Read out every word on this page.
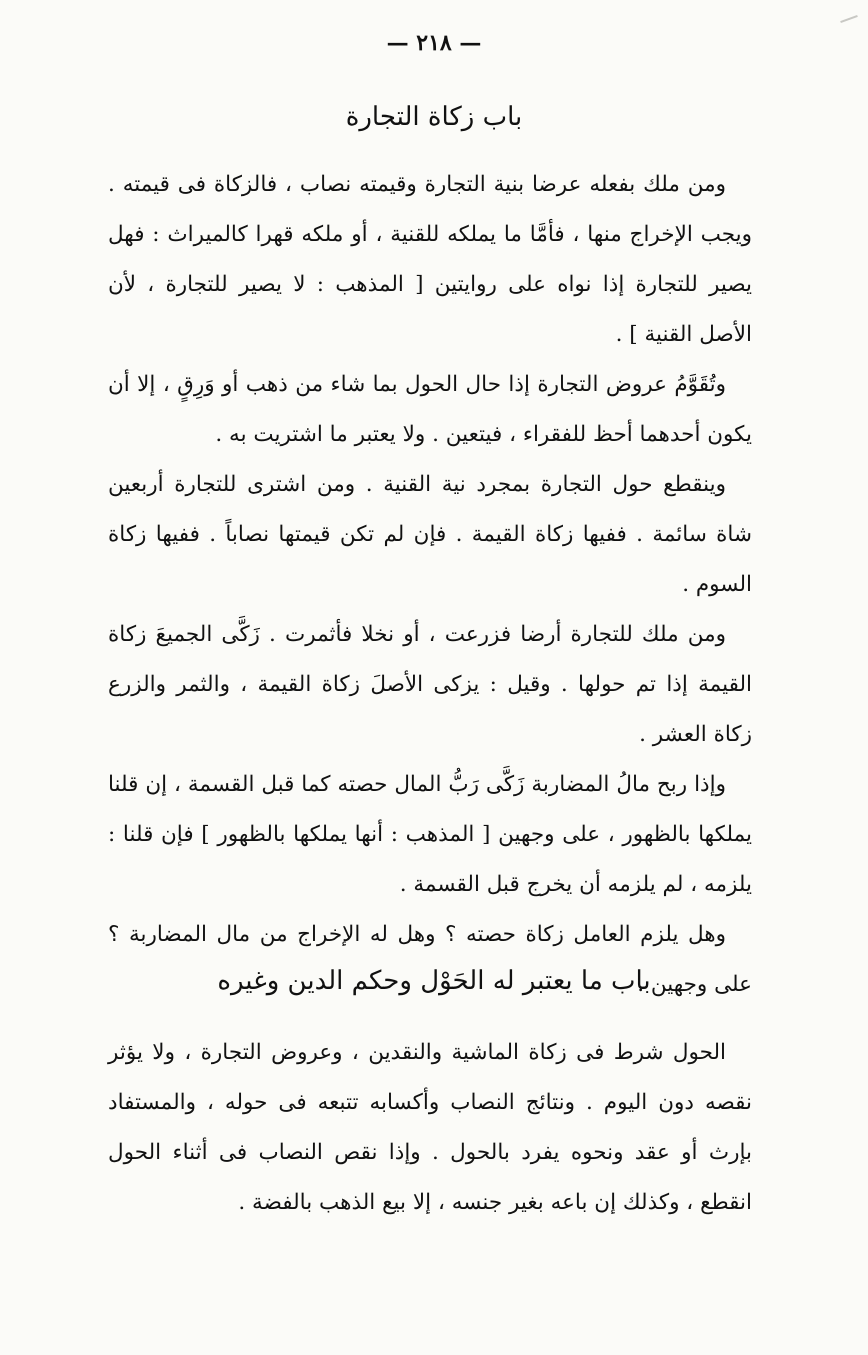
— ٢١٨ —
باب زكاة التجارة

ومن ملك بفعله عرضا بنية التجارة وقيمته نصاب ، فالزكاة فى قيمته . ويجب الإخراج منها ، فأمَّا ما يملكه للقنية ، أو ملكه قهرا كالميراث : فهل يصير للتجارة إذا نواه على روايتين [ المذهب : لا يصير للتجارة ، لأن الأصل القنية ] .

وتُقَوَّمُ عروض التجارة إذا حال الحول بما شاء من ذهب أو وَرِقٍ ، إلا أن يكون أحدهما أحظ للفقراء ، فيتعين . ولا يعتبر ما اشتريت به .

وينقطع حول التجارة بمجرد نية القنية . ومن اشترى للتجارة أربعين شاة سائمة . ففيها زكاة القيمة . فإن لم تكن قيمتها نصاباً . ففيها زكاة السوم .

ومن ملك للتجارة أرضا فزرعت ، أو نخلا فأثمرت . زَكَّى الجميعَ زكاة القيمة إذا تم حولها . وقيل : يزكى الأصلَ زكاة القيمة ، والثمر والزرع زكاة العشر .

وإذا ربح مالُ المضاربة زَكَّى رَبُّ المال حصته كما قبل القسمة ، إن قلنا يملكها بالظهور ، على وجهين [ المذهب : أنها يملكها بالظهور ] فإن قلنا : يلزمه ، لم يلزمه أن يخرج قبل القسمة .

وهل يلزم العامل زكاة حصته ؟ وهل له الإخراج من مال المضاربة ؟ على وجهين .

باب ما يعتبر له الحَوْل وحكم الدين وغيره

الحول شرط فى زكاة الماشية والنقدين ، وعروض التجارة ، ولا يؤثر نقصه دون اليوم . ونتائج النصاب وأكسابه تتبعه فى حوله ، والمستفاد بإرث أو عقد ونحوه يفرد بالحول . وإذا نقص النصاب فى أثناء الحول انقطع ، وكذلك إن باعه بغير جنسه ، إلا بيع الذهب بالفضة .
